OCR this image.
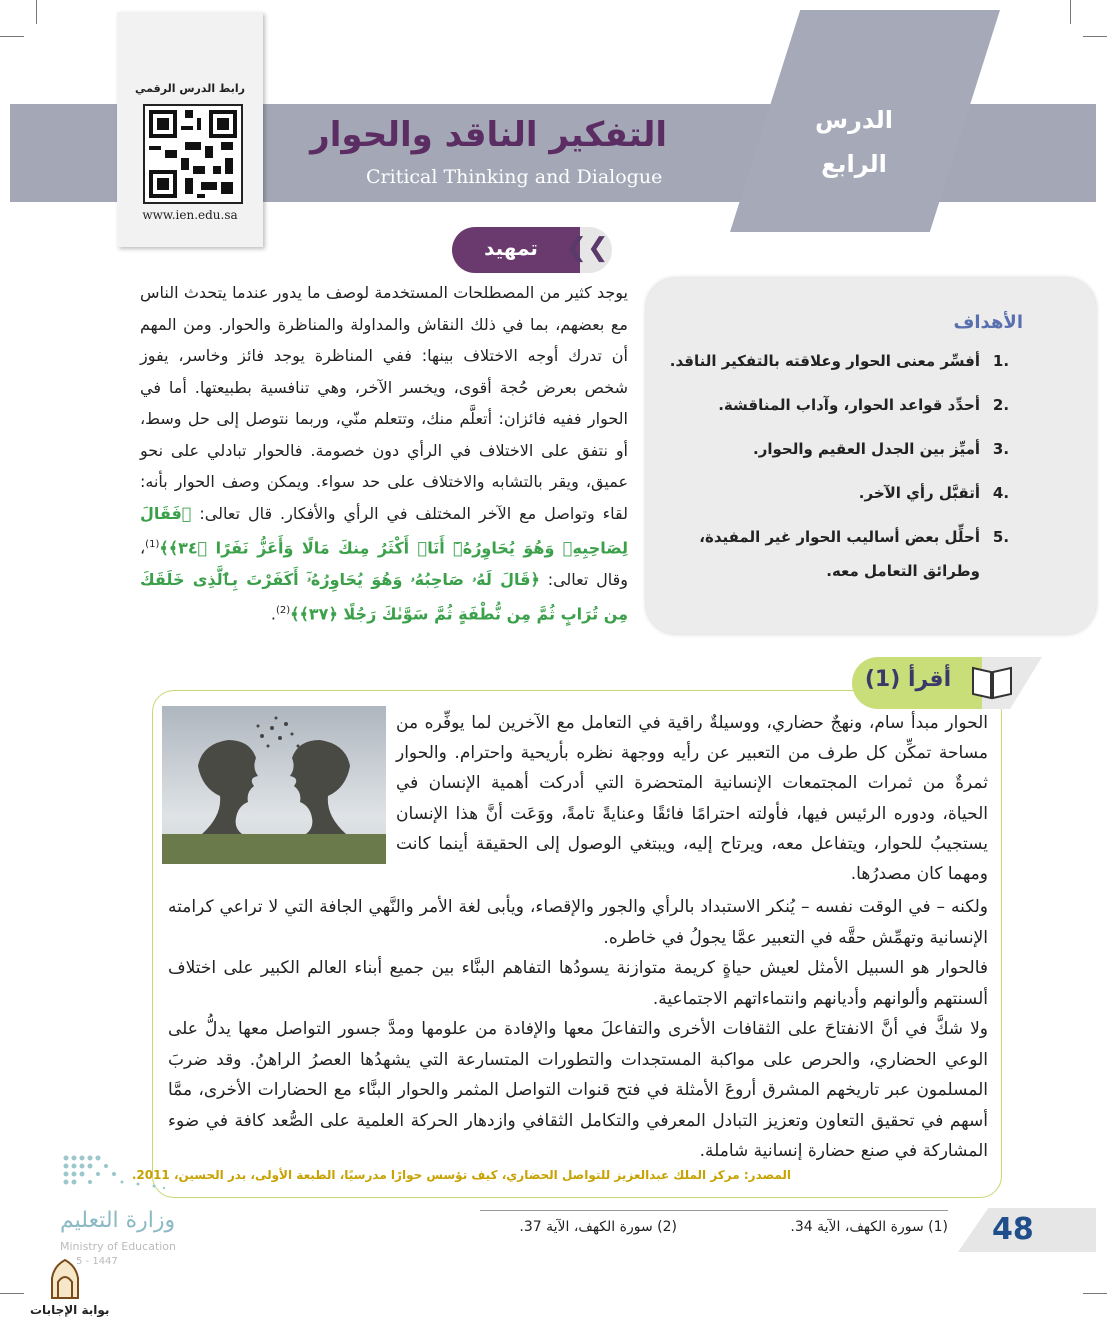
الدرس
الرابع
التفكير الناقد والحوار
Critical Thinking and Dialogue
رابط الدرس الرقمي
www.ien.edu.sa
تمهيد	❮❮
يوجد كثير من المصطلحات المستخدمة لوصف ما يدور عندما يتحدث الناس مع بعضهم، بما في ذلك النقاش والمداولة والمناظرة والحوار. ومن المهم أن تدرك أوجه الاختلاف بينها: ففي المناظرة يوجد فائز وخاسر، يفوز شخص بعرض حُجة أقوى، ويخسر الآخر، وهي تنافسية بطبيعتها. أما في الحوار ففيه فائزان: أتعلَّم منك، وتتعلم منّي، وربما نتوصل إلى حل وسط، أو نتفق على الاختلاف في الرأي دون خصومة. فالحوار تبادلي على نحو عميق، ويقر بالتشابه والاختلاف على حد سواء. ويمكن وصف الحوار بأنه: لقاء وتواصل مع الآخر المختلف في الرأي والأفكار. قال تعالى: ﴿فَقَالَ لِصَاحِبِهِۦ وَهُوَ يُحَاوِرُهُۥٓ أَنَا۠ أَكْثَرُ مِنكَ مَالًا وَأَعَزُّ نَفَرًا ﴿٣٤﴾﴾$^{(1)}$، وقال تعالى: ﴿قَالَ لَهُۥ صَاحِبُهُۥ وَهُوَ يُحَاوِرُهُۥٓ أَكَفَرْتَ بِٱلَّذِى خَلَقَكَ مِن تُرَابٍ ثُمَّ مِن نُّطْفَةٍ ثُمَّ سَوَّىٰكَ رَجُلًا ﴿٣٧﴾﴾$^{(2)}$.
الأهداف
.1
أفسِّر معنى الحوار وعلاقته بالتفكير الناقد.
.2
أحدِّد قواعد الحوار، وآداب المناقشة.
.3
أميِّز بين الجدل العقيم والحوار.
.4
أتقبَّل رأي الآخر.
.5
أحلِّل بعض أساليب الحوار غير المفيدة، وطرائق التعامل معه.
أقرأ (1)
الحوار مبدأ سام، ونهجٌ حضاري، ووسيلةٌ راقية في التعامل مع الآخرين لما يوفِّره من مساحة تمكِّن كل طرف من التعبير عن رأيه ووجهة نظره بأريحية واحترام. والحوار ثمرةٌ من ثمرات المجتمعات الإنسانية المتحضرة التي أدركت أهمية الإنسان في الحياة، ودوره الرئيس فيها، فأولته احترامًا فائقًا وعنايةً تامةً، ووَعَت أنَّ هذا الإنسان يستجيبُ للحوار، ويتفاعل معه، ويرتاح إليه، ويبتغي الوصول إلى الحقيقة أينما كانت ومهما كان مصدرُها.
ولكنه – في الوقت نفسه – يُنكر الاستبداد بالرأي والجور والإقصاء، ويأبى لغة الأمر والنَّهي الجافة التي لا تراعي كرامته الإنسانية وتهمِّش حقَّه في التعبير عمَّا يجولُ في خاطره.
فالحوار هو السبيل الأمثل لعيش حياةٍ كريمة متوازنة يسودُها التفاهم البنَّاء بين جميع أبناء العالم الكبير على اختلاف ألسنتهم وألوانهم وأديانهم وانتماءاتهم الاجتماعية.
ولا شكَّ في أنَّ الانفتاحَ على الثقافات الأخرى والتفاعلَ معها والإفادة من علومها ومدَّ جسور التواصل معها يدلُّ على الوعي الحضاري، والحرص على مواكبة المستجدات والتطورات المتسارعة التي يشهدُها العصرُ الراهنُ. وقد ضربَ المسلمون عبر تاريخهم المشرق أروعَ الأمثلة في فتح قنوات التواصل المثمر والحوار البنَّاء مع الحضارات الأخرى، ممَّا أسهم في تحقيق التعاون وتعزيز التبادل المعرفي والتكامل الثقافي وازدهار الحركة العلمية على الصُّعد كافة في ضوء المشاركة في صنع حضارة إنسانية شاملة.
المصدر: مركز الملك عبدالعزيز للتواصل الحضاري، كيف تؤسس حوارًا مدرسيًا، الطبعة الأولى، بدر الحسين، 2011.
48
(1) سورة الكهف، الآية 34.
(2) سورة الكهف، الآية 37.
وزارة التعليم
Ministry of Education
5 - 1447
بوابة الإجابات
